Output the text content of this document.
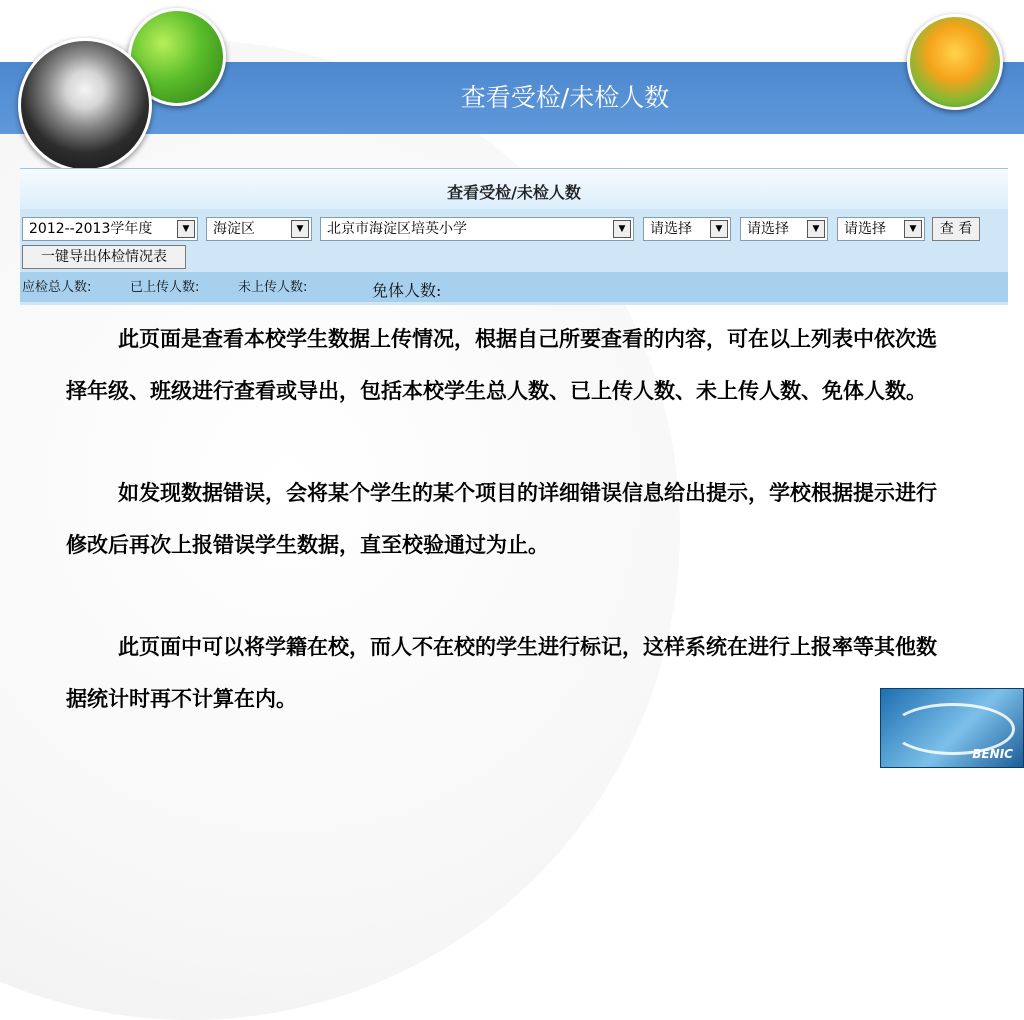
查看受检/未检人数
查看受检/未检人数
2012--2013学年度	▼	海淀区	▼	北京市海淀区培英小学	▼	请选择	▼	请选择	▼	请选择	▼	查 看
一键导出体检情况表
应检总人数:	已上传人数:	未上传人数:	免体人数:

此页面是查看本校学生数据上传情况，根据自己所要查看的内容，可在以上列表中依次选择年级、班级进行查看或导出，包括本校学生总人数、已上传人数、未上传人数、免体人数。

如发现数据错误，会将某个学生的某个项目的详细错误信息给出提示，学校根据提示进行修改后再次上报错误学生数据，直至校验通过为止。

此页面中可以将学籍在校，而人不在校的学生进行标记，这样系统在进行上报率等其他数据统计时再不计算在内。

BENIC
